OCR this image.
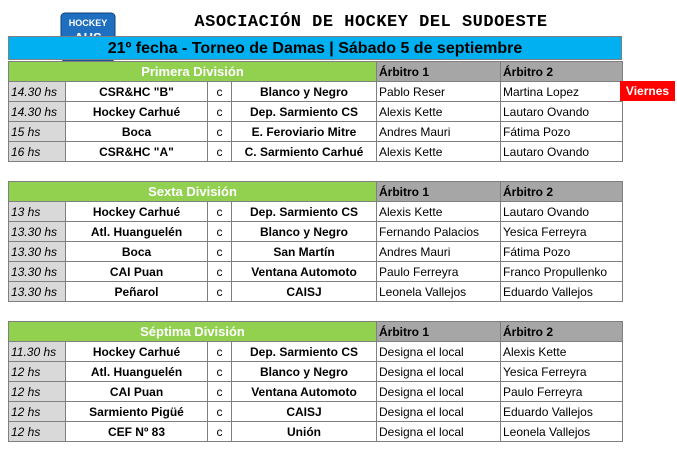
HOCKEY	ASOCIACIÓN DE HOCKEY DEL SUDOESTE
21º fecha - Torneo de Damas | Sábado 5 de septiembre
Primera División				Árbitro 1	Árbitro 2
14.30 hs	CSR&HC "B"	c	Blanco y Negro	Pablo Reser	Martina Lopez
14.30 hs	Hockey Carhué	c	Dep. Sarmiento CS	Alexis Kette	Lautaro Ovando
15 hs	Boca	c	E. Feroviario Mitre	Andres Mauri	Fátima Pozo
16 hs	CSR&HC "A"	c	C. Sarmiento Carhué	Alexis Kette	Lautaro Ovando
Viernes
Sexta División				Árbitro 1	Árbitro 2
13 hs	Hockey Carhué	c	Dep. Sarmiento CS	Alexis Kette	Lautaro Ovando
13.30 hs	Atl. Huanguelén	c	Blanco y Negro	Fernando Palacios	Yesica Ferreyra
13.30 hs	Boca	c	San Martín	Andres Mauri	Fátima Pozo
13.30 hs	CAI Puan	c	Ventana Automoto	Paulo Ferreyra	Franco Propullenko
13.30 hs	Peñarol	c	CAISJ	Leonela Vallejos	Eduardo Vallejos
Séptima División				Árbitro 1	Árbitro 2
11.30 hs	Hockey Carhué	c	Dep. Sarmiento CS	Designa el local	Alexis Kette
12 hs	Atl. Huanguelén	c	Blanco y Negro	Designa el local	Yesica Ferreyra
12 hs	CAI Puan	c	Ventana Automoto	Designa el local	Paulo Ferreyra
12 hs	Sarmiento Pigüé	c	CAISJ	Designa el local	Eduardo Vallejos
12 hs	CEF Nº 83	c	Unión	Designa el local	Leonela Vallejos
